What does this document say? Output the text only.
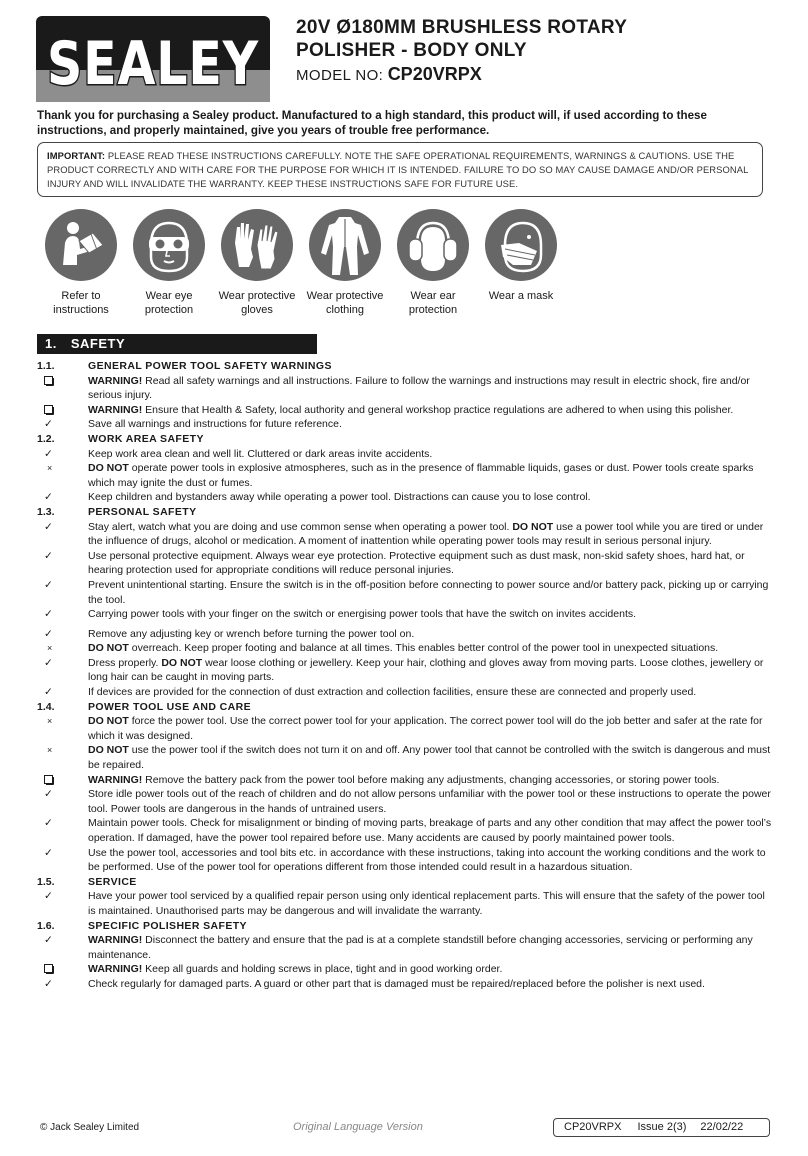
SEALEY
20V Ø180MM BRUSHLESS ROTARY
POLISHER - BODY ONLY
MODEL NO: CP20VRPX
Thank you for purchasing a Sealey product. Manufactured to a high standard, this product will, if used according to these instructions, and properly maintained, give you years of trouble free performance.
IMPORTANT: PLEASE READ THESE INSTRUCTIONS CAREFULLY. NOTE THE SAFE OPERATIONAL REQUIREMENTS, WARNINGS & CAUTIONS. USE THE PRODUCT CORRECTLY AND WITH CARE FOR THE PURPOSE FOR WHICH IT IS INTENDED. FAILURE TO DO SO MAY CAUSE DAMAGE AND/OR PERSONAL INJURY AND WILL INVALIDATE THE WARRANTY. KEEP THESE INSTRUCTIONS SAFE FOR FUTURE USE.
Refer to
instructions
Wear eye
protection
Wear protective
gloves
Wear protective
clothing
Wear ear
protection
Wear a mask
1. SAFETY
1.1.	GENERAL POWER TOOL SAFETY WARNINGS
WARNING! Read all safety warnings and all instructions. Failure to follow the warnings and instructions may result in electric shock, fire and/or serious injury.
WARNING! Ensure that Health & Safety, local authority and general workshop practice regulations are adhered to when using this polisher.
✓	Save all warnings and instructions for future reference.
1.2.	WORK AREA SAFETY
✓	Keep work area clean and well lit. Cluttered or dark areas invite accidents.
×	DO NOT operate power tools in explosive atmospheres, such as in the presence of flammable liquids, gases or dust. Power tools create sparks which may ignite the dust or fumes.
✓	Keep children and bystanders away while operating a power tool. Distractions can cause you to lose control.
1.3.	PERSONAL SAFETY
✓	Stay alert, watch what you are doing and use common sense when operating a power tool. DO NOT use a power tool while you are tired or under the influence of drugs, alcohol or medication. A moment of inattention while operating power tools may result in serious personal injury.
✓	Use personal protective equipment. Always wear eye protection. Protective equipment such as dust mask, non-skid safety shoes, hard hat, or hearing protection used for appropriate conditions will reduce personal injuries.
✓	Prevent unintentional starting. Ensure the switch is in the off-position before connecting to power source and/or battery pack, picking up or carrying the tool.
✓	Carrying power tools with your finger on the switch or energising power tools that have the switch on invites accidents.
✓	Remove any adjusting key or wrench before turning the power tool on.
×	DO NOT overreach. Keep proper footing and balance at all times. This enables better control of the power tool in unexpected situations.
✓	Dress properly. DO NOT wear loose clothing or jewellery. Keep your hair, clothing and gloves away from moving parts. Loose clothes, jewellery or long hair can be caught in moving parts.
✓	If devices are provided for the connection of dust extraction and collection facilities, ensure these are connected and properly used.
1.4.	POWER TOOL USE AND CARE
×	DO NOT force the power tool. Use the correct power tool for your application. The correct power tool will do the job better and safer at the rate for which it was designed.
×	DO NOT use the power tool if the switch does not turn it on and off. Any power tool that cannot be controlled with the switch is dangerous and must be repaired.
WARNING! Remove the battery pack from the power tool before making any adjustments, changing accessories, or storing power tools.
✓	Store idle power tools out of the reach of children and do not allow persons unfamiliar with the power tool or these instructions to operate the power tool. Power tools are dangerous in the hands of untrained users.
✓	Maintain power tools. Check for misalignment or binding of moving parts, breakage of parts and any other condition that may affect the power tool’s operation. If damaged, have the power tool repaired before use. Many accidents are caused by poorly maintained power tools.
✓	Use the power tool, accessories and tool bits etc. in accordance with these instructions, taking into account the working conditions and the work to be performed. Use of the power tool for operations different from those intended could result in a hazardous situation.
1.5.	SERVICE
✓	Have your power tool serviced by a qualified repair person using only identical replacement parts. This will ensure that the safety of the power tool is maintained. Unauthorised parts may be dangerous and will invalidate the warranty.
1.6.	SPECIFIC POLISHER SAFETY
✓	WARNING! Disconnect the battery and ensure that the pad is at a complete standstill before changing accessories, servicing or performing any maintenance.
WARNING! Keep all guards and holding screws in place, tight and in good working order.
✓	Check regularly for damaged parts. A guard or other part that is damaged must be repaired/replaced before the polisher is next used.
© Jack Sealey Limited	Original Language Version	CP20VRPX Issue 2(3) 22/02/22
